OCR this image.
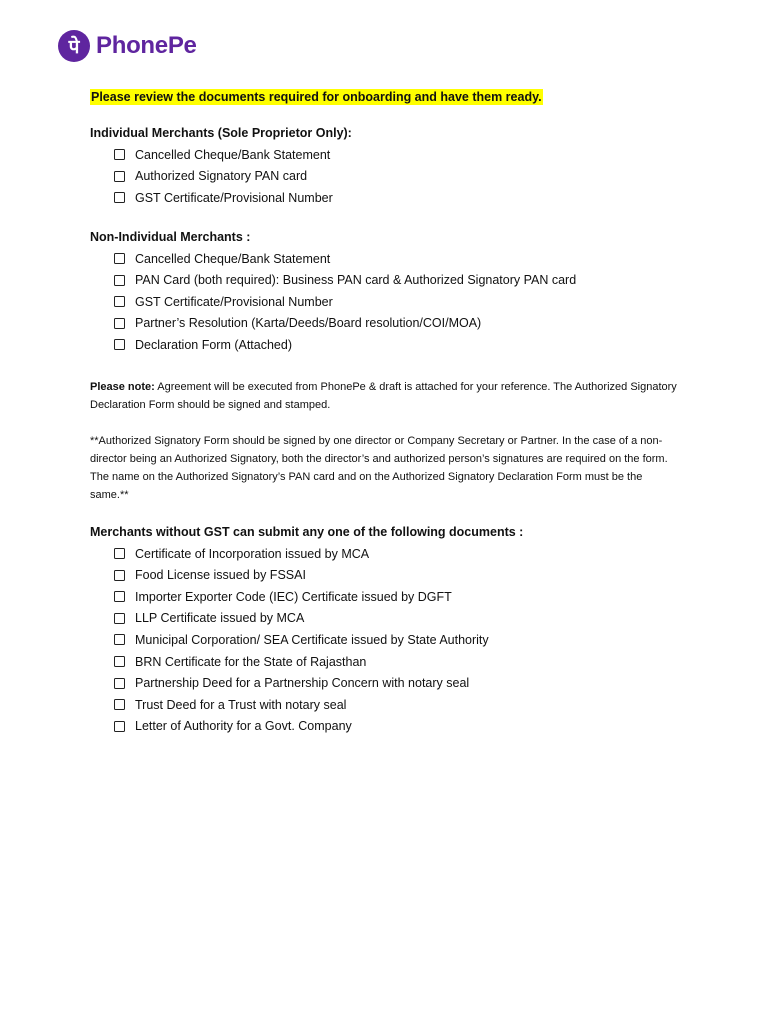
पे PhonePe
Please review the documents required for onboarding and have them ready.
Individual Merchants (Sole Proprietor Only):
Cancelled Cheque/Bank Statement
Authorized Signatory PAN card
GST Certificate/Provisional Number
Non-Individual Merchants :
Cancelled Cheque/Bank Statement
PAN Card (both required): Business PAN card & Authorized Signatory PAN card
GST Certificate/Provisional Number
Partner’s Resolution (Karta/Deeds/Board resolution/COI/MOA)
Declaration Form (Attached)
Please note: Agreement will be executed from PhonePe & draft is attached for your reference. The Authorized Signatory Declaration Form should be signed and stamped.
**Authorized Signatory Form should be signed by one director or Company Secretary or Partner. In the case of a non-director being an Authorized Signatory, both the director’s and authorized person’s signatures are required on the form. The name on the Authorized Signatory’s PAN card and on the Authorized Signatory Declaration Form must be the same.**
Merchants without GST can submit any one of the following documents :
Certificate of Incorporation issued by MCA
Food License issued by FSSAI
Importer Exporter Code (IEC) Certificate issued by DGFT
LLP Certificate issued by MCA
Municipal Corporation/ SEA Certificate issued by State Authority
BRN Certificate for the State of Rajasthan
Partnership Deed for a Partnership Concern with notary seal
Trust Deed for a Trust with notary seal
Letter of Authority for a Govt. Company
